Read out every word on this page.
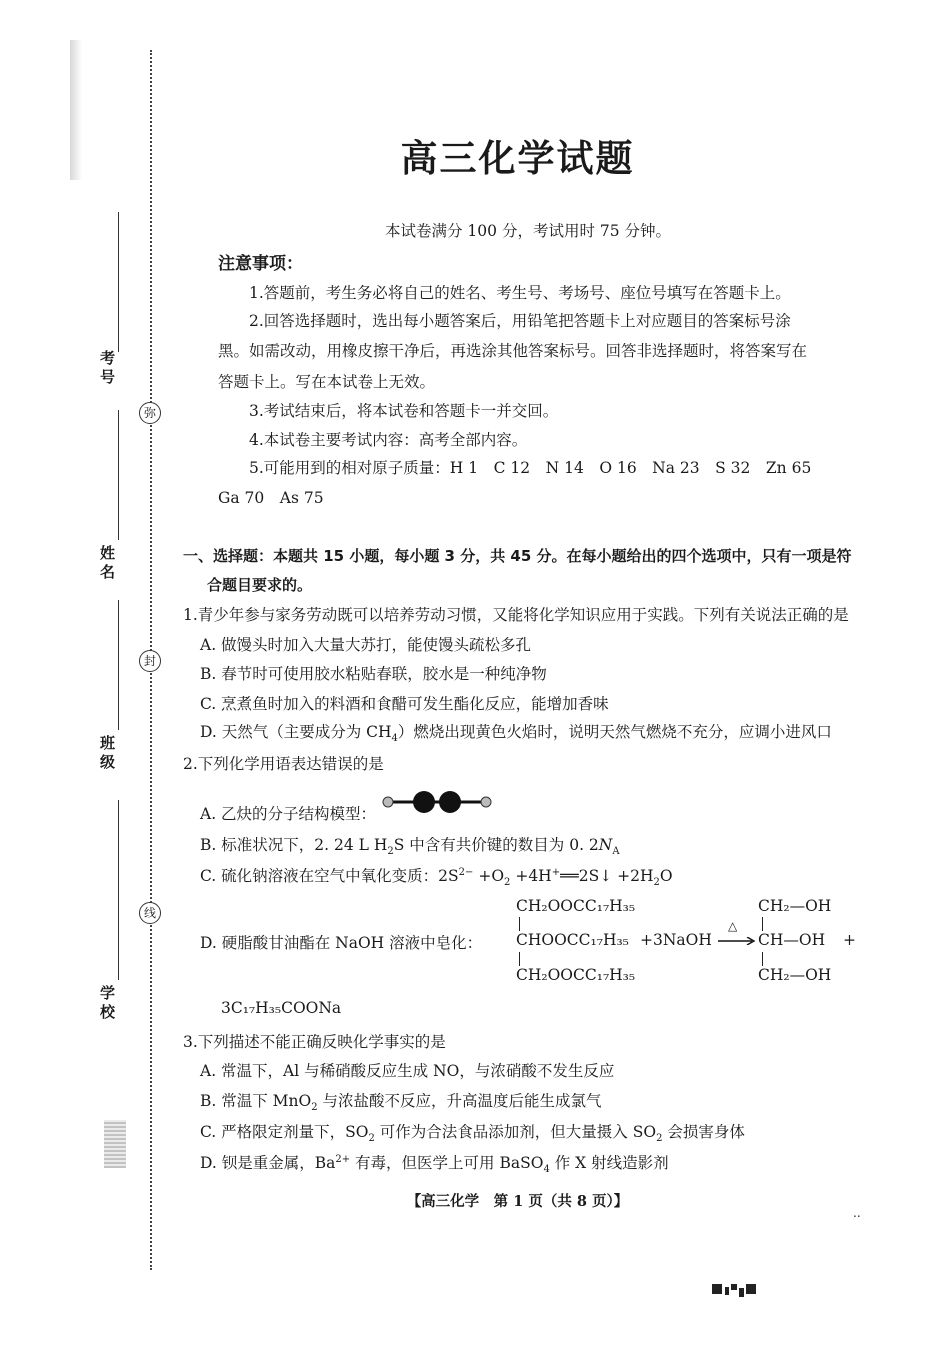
弥
封
线
考号
姓名
班级
学校
高三化学试题
本试卷满分 100 分，考试用时 75 分钟。
注意事项：
1.答题前，考生务必将自己的姓名、考生号、考场号、座位号填写在答题卡上。
2.回答选择题时，选出每小题答案后，用铅笔把答题卡上对应题目的答案标号涂
黑。如需改动，用橡皮擦干净后，再选涂其他答案标号。回答非选择题时，将答案写在
答题卡上。写在本试卷上无效。
3.考试结束后，将本试卷和答题卡一并交回。
4.本试卷主要考试内容：高考全部内容。
5.可能用到的相对原子质量：H 1　C 12　N 14　O 16　Na 23　S 32　Zn 65
Ga 70　As 75
一、选择题：本题共 15 小题，每小题 3 分，共 45 分。在每小题给出的四个选项中，只有一项是符
合题目要求的。
1.青少年参与家务劳动既可以培养劳动习惯，又能将化学知识应用于实践。下列有关说法正确的是
A. 做馒头时加入大量大苏打，能使馒头疏松多孔
B. 春节时可使用胶水粘贴春联，胶水是一种纯净物
C. 烹煮鱼时加入的料酒和食醋可发生酯化反应，能增加香味
D. 天然气（主要成分为 $CH_4$）燃烧出现黄色火焰时，说明天然气燃烧不充分，应调小进风口
2.下列化学用语表达错误的是
A. 乙炔的分子结构模型：
B. 标准状况下，2. 24 L $H_2S$ 中含有共价键的数目为 0. $2N_A$
C. 硫化钠溶液在空气中氧化变质：$2S^{2-} +O_2$ +4H+══2S↓ $+2H_2O$
D. 硬脂酸甘油酯在 NaOH 溶液中皂化：
CH₂OOCC₁₇H₃₅
CHOOCC₁₇H₃₅
CH₂OOCC₁₇H₃₅
+3NaOH
△
CH₂—OH
CH—OH
CH₂—OH
+
3C₁₇H₃₅COONa
3.下列描述不能正确反映化学事实的是
A. 常温下，Al 与稀硝酸反应生成 NO，与浓硝酸不发生反应
B. 常温下 MnO$_2$ 与浓盐酸不反应，升高温度后能生成氯气
C. 严格限定剂量下，$SO_2$ 可作为合法食品添加剂，但大量摄入 $SO_2$ 会损害身体
D. 钡是重金属，$Ba^{2+}$ 有毒，但医学上可用 BaSO$_4$ 作 X 射线造影剂
【高三化学　第 1 页（共 8 页）】
..
